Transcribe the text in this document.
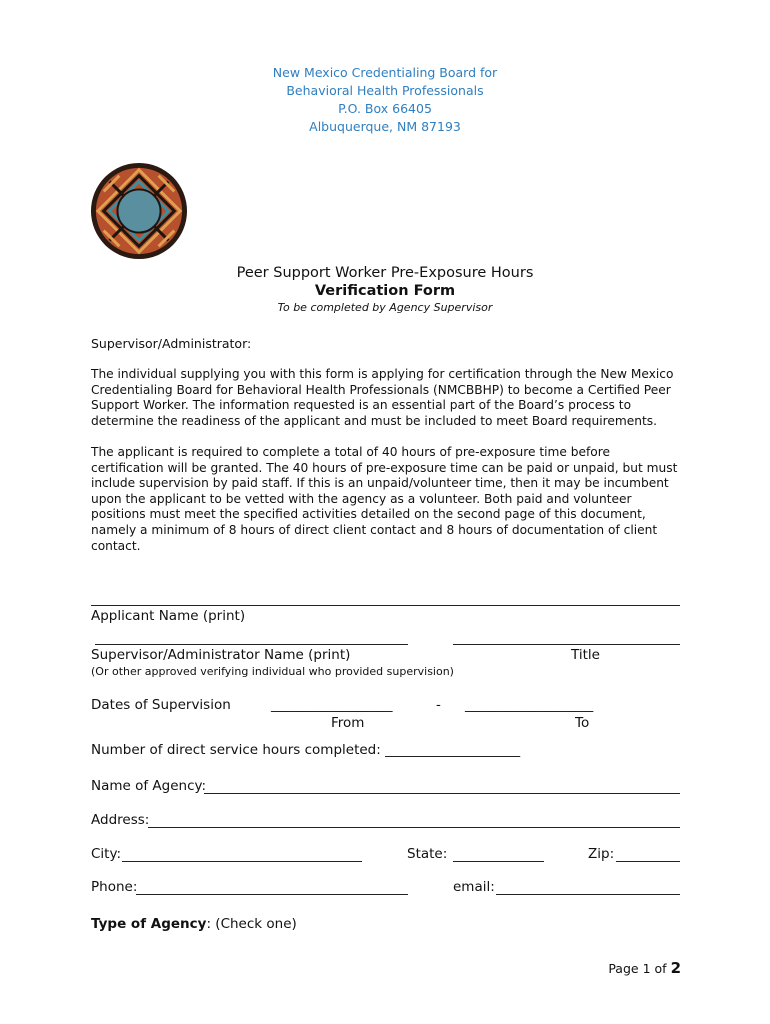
New Mexico Credentialing Board for
Behavioral Health Professionals
P.O. Box 66405
Albuquerque, NM 87193
Peer Support Worker Pre-Exposure Hours
Verification Form
To be completed by Agency Supervisor
Supervisor/Administrator:

The individual supplying you with this form is applying for certification through the New Mexico Credentialing Board for Behavioral Health Professionals (NMCBBHP) to become a Certified Peer Support Worker. The information requested is an essential part of the Board’s process to determine the readiness of the applicant and must be included to meet Board requirements.

The applicant is required to complete a total of 40 hours of pre-exposure time before certification will be granted. The 40 hours of pre-exposure time can be paid or unpaid, but must include supervision by paid staff. If this is an unpaid/volunteer time, then it may be incumbent upon the applicant to be vetted with the agency as a volunteer. Both paid and volunteer positions must meet the specified activities detailed on the second page of this document, namely a minimum of 8 hours of direct client contact and 8 hours of documentation of client contact.

Applicant Name (print)
Supervisor/Administrator Name (print)	Title
(Or other approved verifying individual who provided supervision)
Dates of Supervision	__________________	- ___________________
From	To
Number of direct service hours completed: ____________________
Name of Agency:
Address:
City:	State:	Zip:
Phone:	email:
Type of Agency: (Check one)
Page 1 of 2
